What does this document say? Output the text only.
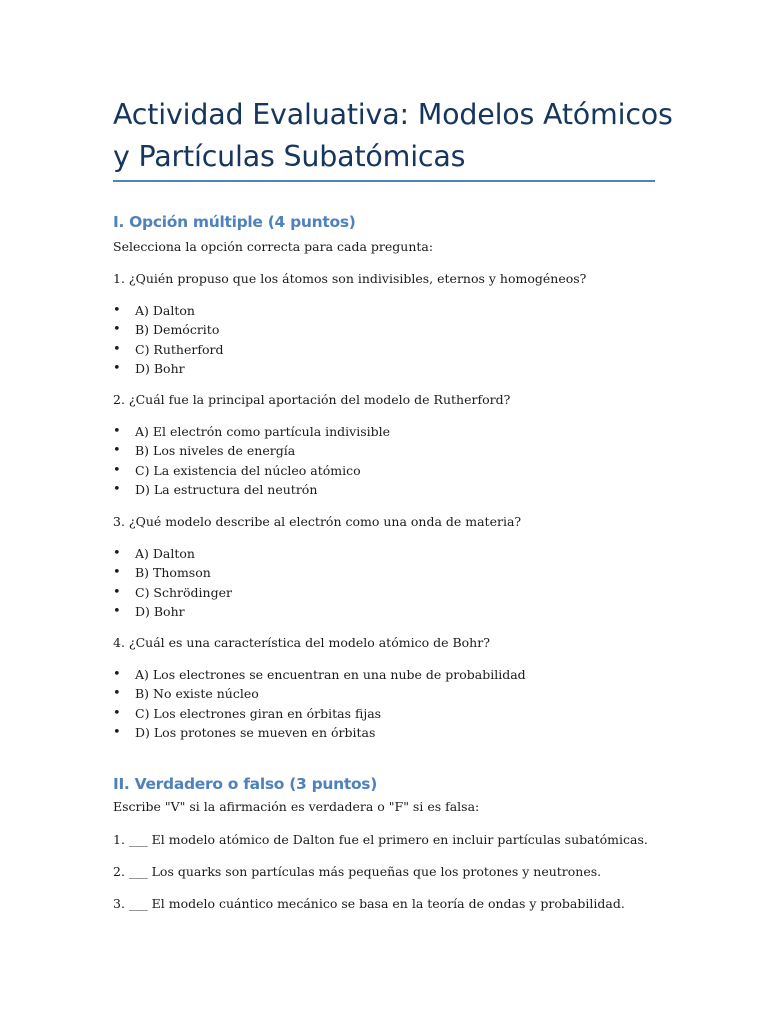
Actividad Evaluativa: Modelos Atómicos y Partículas Subatómicas
I. Opción múltiple (4 puntos)

Selecciona la opción correcta para cada pregunta:

1. ¿Quién propuso que los átomos son indivisibles, eternos y homogéneos?

• A) Dalton
• B) Demócrito
• C) Rutherford
• D) Bohr

2. ¿Cuál fue la principal aportación del modelo de Rutherford?

• A) El electrón como partícula indivisible
• B) Los niveles de energía
• C) La existencia del núcleo atómico
• D) La estructura del neutrón

3. ¿Qué modelo describe al electrón como una onda de materia?

• A) Dalton
• B) Thomson
• C) Schrödinger
• D) Bohr

4. ¿Cuál es una característica del modelo atómico de Bohr?

• A) Los electrones se encuentran en una nube de probabilidad
• B) No existe núcleo
• C) Los electrones giran en órbitas fijas
• D) Los protones se mueven en órbitas
II. Verdadero o falso (3 puntos)

Escribe "V" si la afirmación es verdadera o "F" si es falsa:

1. ___ El modelo atómico de Dalton fue el primero en incluir partículas subatómicas.

2. ___ Los quarks son partículas más pequeñas que los protones y neutrones.

3. ___ El modelo cuántico mecánico se basa en la teoría de ondas y probabilidad.
